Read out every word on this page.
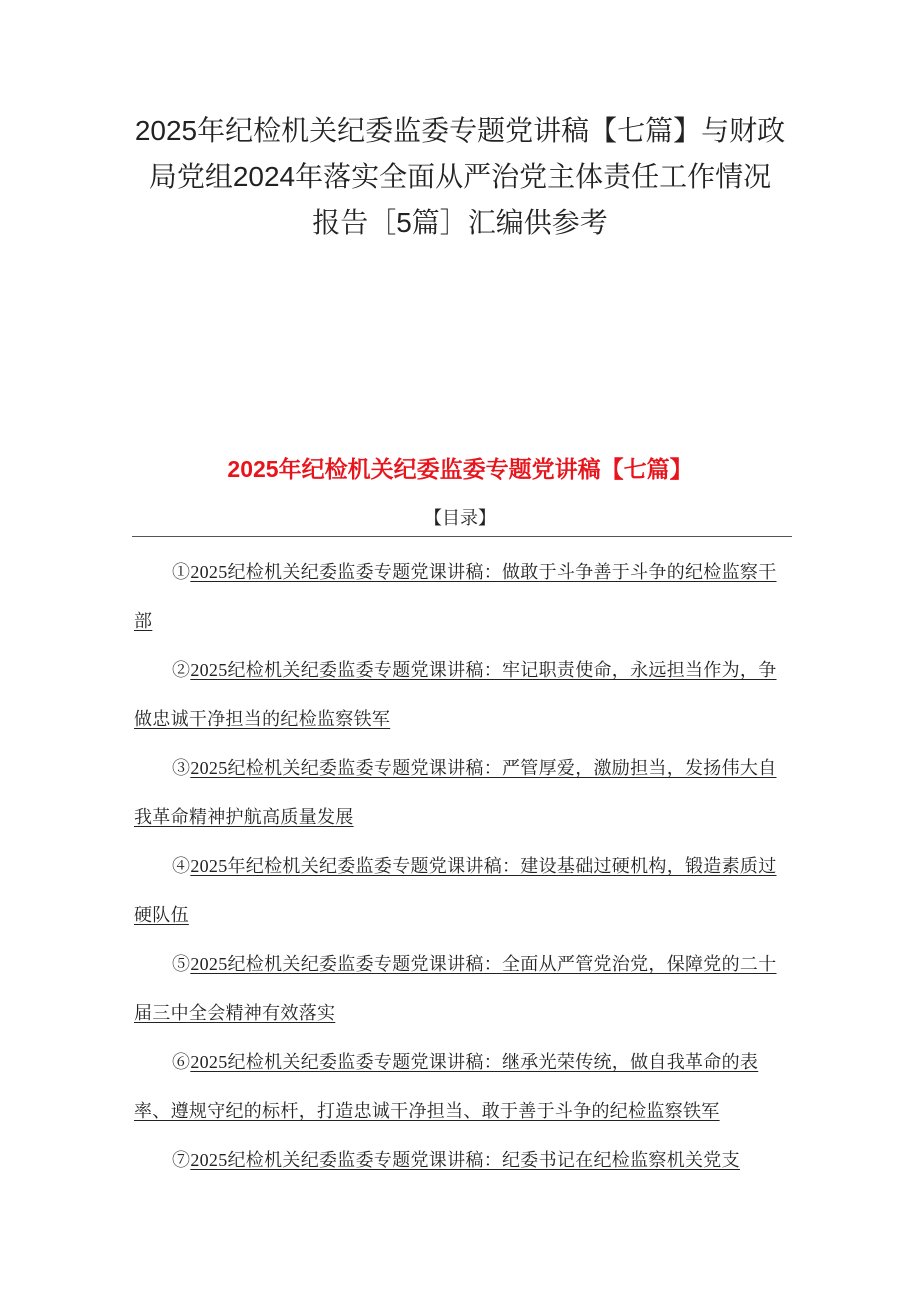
2025年纪检机关纪委监委专题党讲稿【七篇】与财政
局党组2024年落实全面从严治党主体责任工作情况
报告［5篇］汇编供参考
2025年纪检机关纪委监委专题党讲稿【七篇】
【目录】

①2025纪检机关纪委监委专题党课讲稿：做敢于斗争善于斗争的纪检监察干部

②2025纪检机关纪委监委专题党课讲稿：牢记职责使命，永远担当作为，争做忠诚干净担当的纪检监察铁军

③2025纪检机关纪委监委专题党课讲稿：严管厚爱，激励担当，发扬伟大自我革命精神护航高质量发展

④2025年纪检机关纪委监委专题党课讲稿：建设基础过硬机构，锻造素质过硬队伍

⑤2025纪检机关纪委监委专题党课讲稿：全面从严管党治党，保障党的二十届三中全会精神有效落实

⑥2025纪检机关纪委监委专题党课讲稿：继承光荣传统，做自我革命的表率、遵规守纪的标杆，打造忠诚干净担当、敢于善于斗争的纪检监察铁军

⑦2025纪检机关纪委监委专题党课讲稿：纪委书记在纪检监察机关党支
